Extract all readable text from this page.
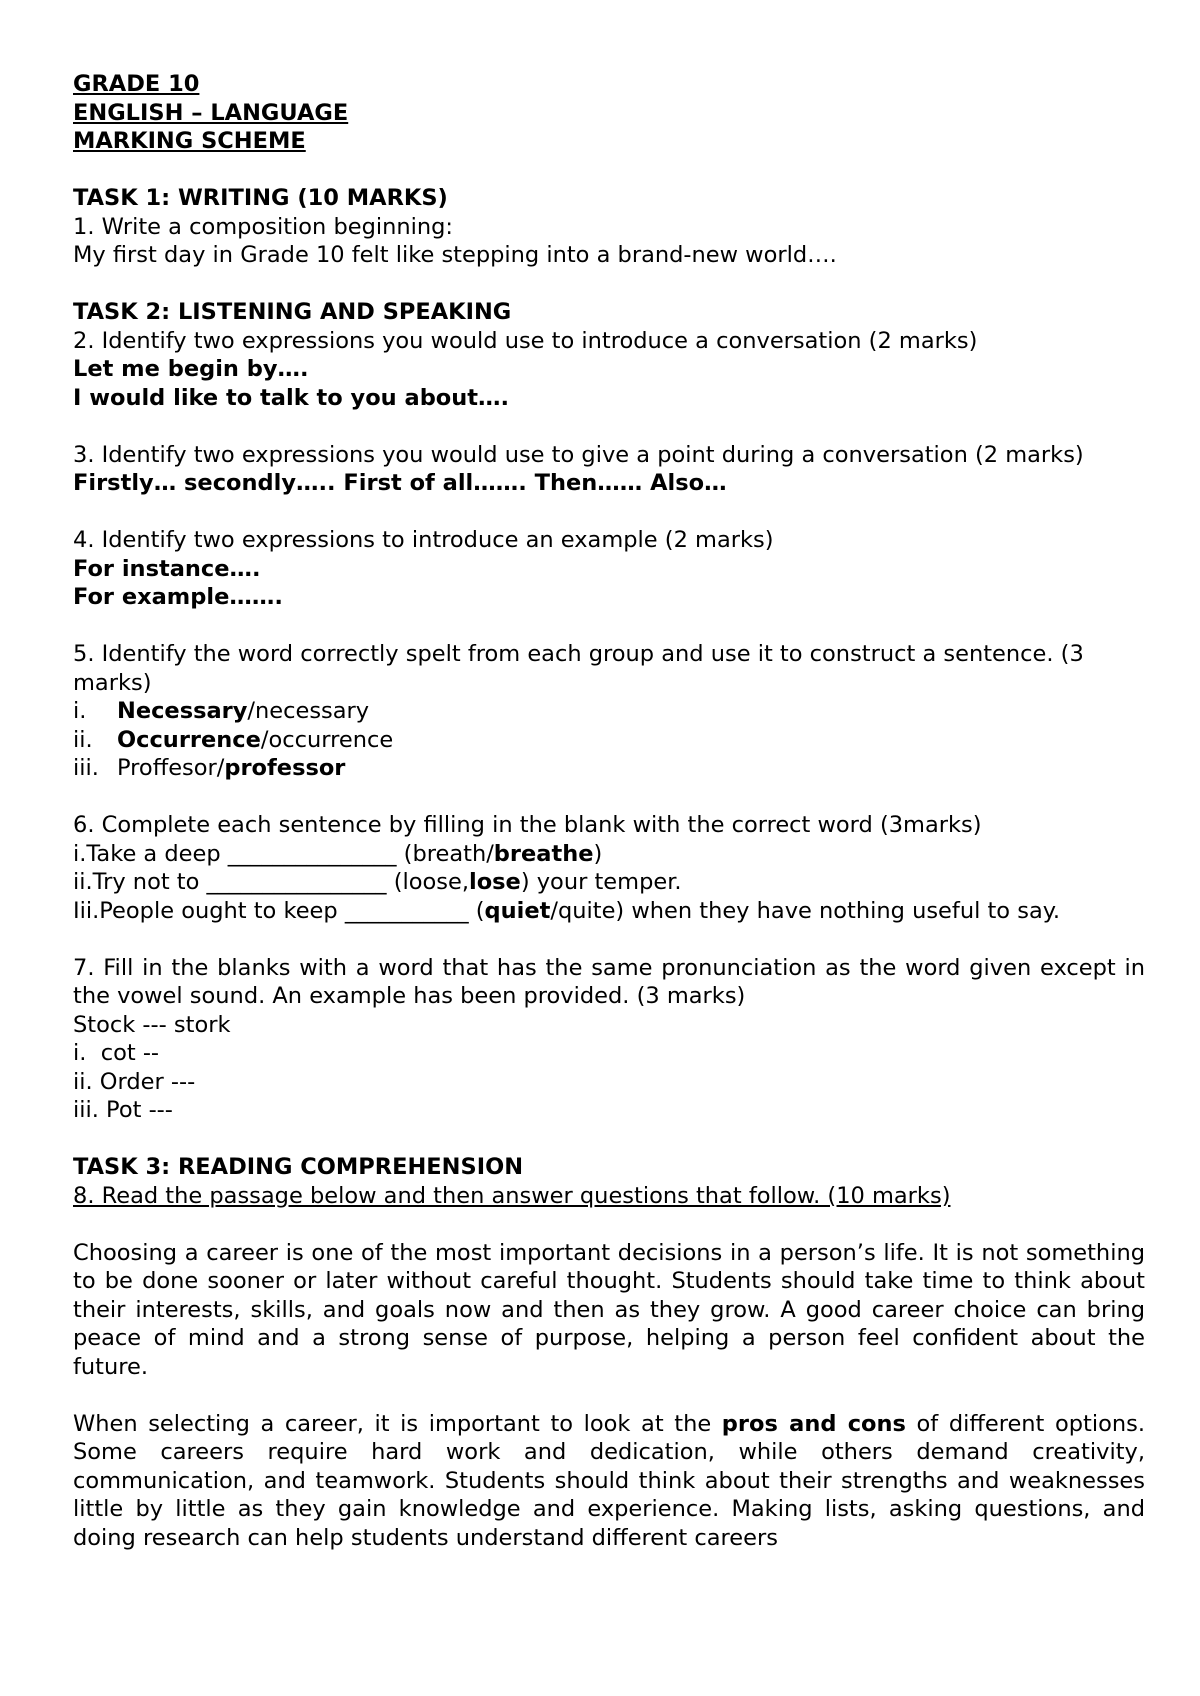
GRADE 10
ENGLISH – LANGUAGE
MARKING SCHEME
TASK 1: WRITING (10 MARKS)
1. Write a composition beginning:
My first day in Grade 10 felt like stepping into a brand-new world….
TASK 2: LISTENING AND SPEAKING
2. Identify two expressions you would use to introduce a conversation (2 marks)
Let me begin by….
I would like to talk to you about….
3. Identify two expressions you would use to give a point during a conversation (2 marks)
Firstly… secondly….. First of all……. Then…… Also…
4. Identify two expressions to introduce an example (2 marks)
For instance….
For example…….
5. Identify the word correctly spelt from each group and use it to construct a sentence. (3 marks)
i.	Necessary/necessary
ii.	Occurrence/occurrence
iii. Proffesor/professor
6. Complete each sentence by filling in the blank with the correct word (3marks)
i.Take a deep _______________ (breath/breathe)
ii.Try not to ________________ (loose,lose) your temper.
Iii.People ought to keep ___________ (quiet/quite) when they have nothing useful to say.
7. Fill in the blanks with a word that has the same pronunciation as the word given except in the vowel sound. An example has been provided. (3 marks)
Stock --- stork
i.  cot --
ii. Order ---
iii. Pot ---
TASK 3: READING COMPREHENSION
8. Read the passage below and then answer questions that follow. (10 marks)
Choosing a career is one of the most important decisions in a person’s life. It is not something to be done sooner or later without careful thought. Students should take time to think about their interests, skills, and goals now and then as they grow. A good career choice can bring peace of mind and a strong sense of purpose, helping a person feel confident about the future.
When selecting a career, it is important to look at the pros and cons of different options. Some careers require hard work and dedication, while others demand creativity, communication, and teamwork. Students should think about their strengths and weaknesses little by little as they gain knowledge and experience. Making lists, asking questions, and doing research can help students understand different careers
